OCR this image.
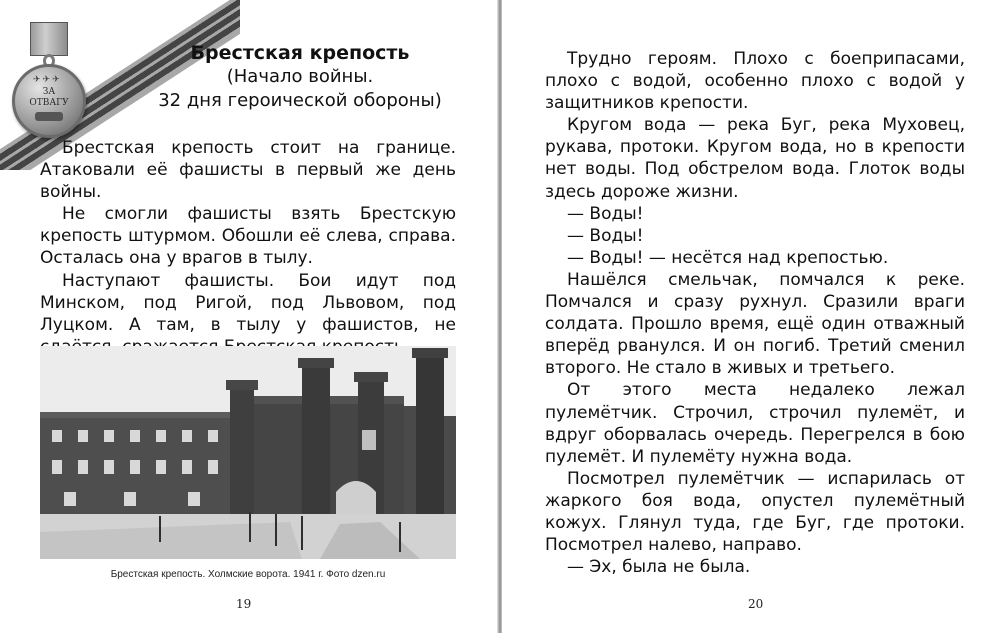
✈✈✈
ЗА
ОТВАГУ
Брестская крепость
(Начало войны.
32 дня героической обороны)

Брестская крепость стоит на границе. Атаковали её фашисты в первый же день войны.

Не смогли фашисты взять Брестскую крепость штурмом. Обошли её слева, справа. Осталась она у врагов в тылу.

Наступают фашисты. Бои идут под Минском, под Ригой, под Львовом, под Луцком. А там, в тылу у фашистов, не

Брестская крепость. Холмские ворота. 1941 г. Фото dzen.ru
19

Трудно героям. Плохо с боеприпасами, плохо с водой, особенно плохо с водой у защитников крепости.

Кругом вода — река Буг, река Муховец, рукава, протоки. Кругом вода, но в крепости нет воды. Под обстрелом вода. Глоток воды здесь дороже жизни.

— Воды!

— Воды!

— Воды! — несётся над крепостью.

Нашёлся смельчак, помчался к реке. Помчался и сразу рухнул. Сразили враги солдата. Прошло время, ещё один отважный вперёд рванулся. И он погиб. Третий сменил второго. Не стало в живых и третьего.

От этого места недалеко лежал пулемётчик. Строчил, строчил пулемёт, и вдруг оборвалась очередь. Перегрелся в бою пулемёт. И пулемёту нужна вода.

Посмотрел пулемётчик — испарилась от жаркого боя вода, опустел пулемётный кожух. Глянул туда, где Буг, где протоки. Посмотрел налево, направо.

— Эх, была не была.

20
